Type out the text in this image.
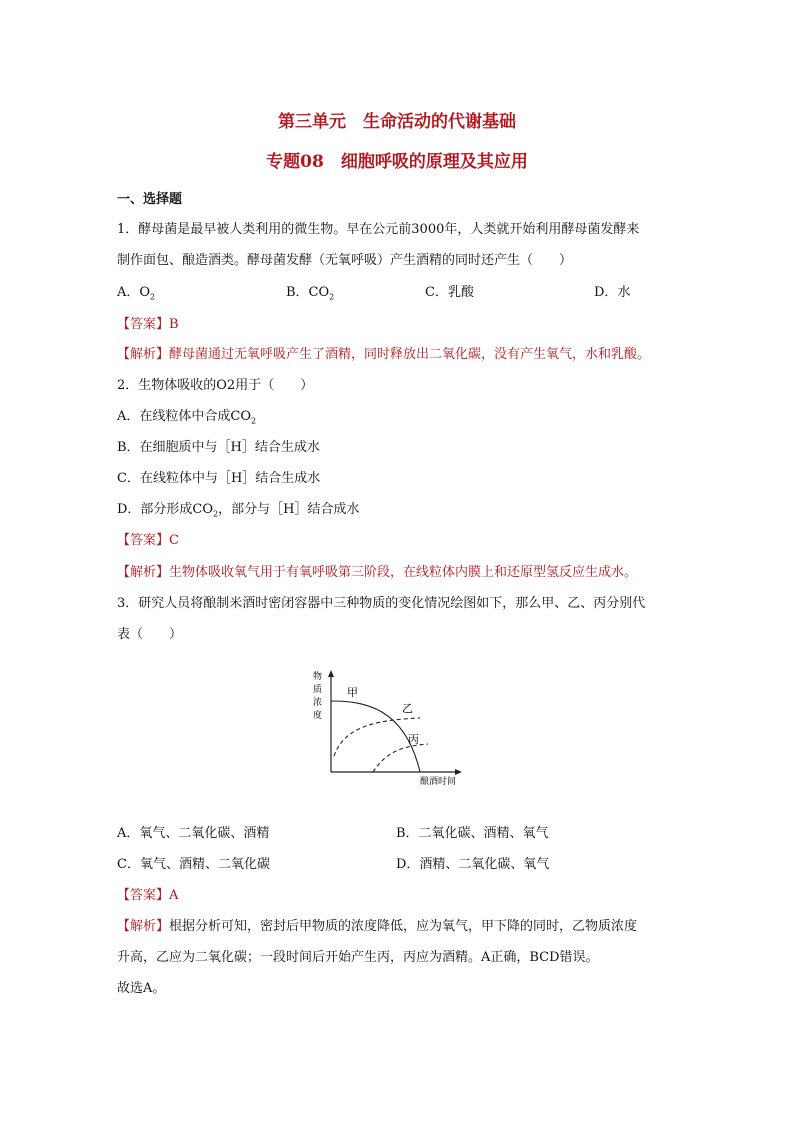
第三单元　生命活动的代谢基础
专题08　细胞呼吸的原理及其应用
一、选择题
1．酵母菌是最早被人类利用的微生物。早在公元前3000年，人类就开始利用酵母菌发酵来
制作面包、酿造酒类。酵母菌发酵（无氧呼吸）产生酒精的同时还产生（　　）
A．$O_2$	B．$CO_2$	C．乳酸	D．水
【答案】B
【解析】酵母菌通过无氧呼吸产生了酒精，同时释放出二氧化碳，没有产生氧气，水和乳酸。
2．生物体吸收的O2用于（　　）
A．在线粒体中合成$CO_2$
B．在细胞质中与［H］结合生成水
C．在线粒体中与［H］结合生成水
D．部分形成$CO_2$，部分与［H］结合成水
【答案】C
【解析】生物体吸收氧气用于有氧呼吸第三阶段，在线粒体内膜上和还原型氢反应生成水。
3．研究人员将酿制米酒时密闭容器中三种物质的变化情况绘图如下，那么甲、乙、丙分别代
表（　　）
物
质
浓
度
甲
乙
丙
酿酒时间
A．氧气、二氧化碳、酒精	B．二氧化碳、酒精、氧气
C．氧气、酒精、二氧化碳	D．酒精、二氧化碳、氧气
【答案】A
【解析】根据分析可知，密封后甲物质的浓度降低，应为氧气，甲下降的同时，乙物质浓度
升高，乙应为二氧化碳；一段时间后开始产生丙，丙应为酒精。A正确，BCD错误。
故选A。
